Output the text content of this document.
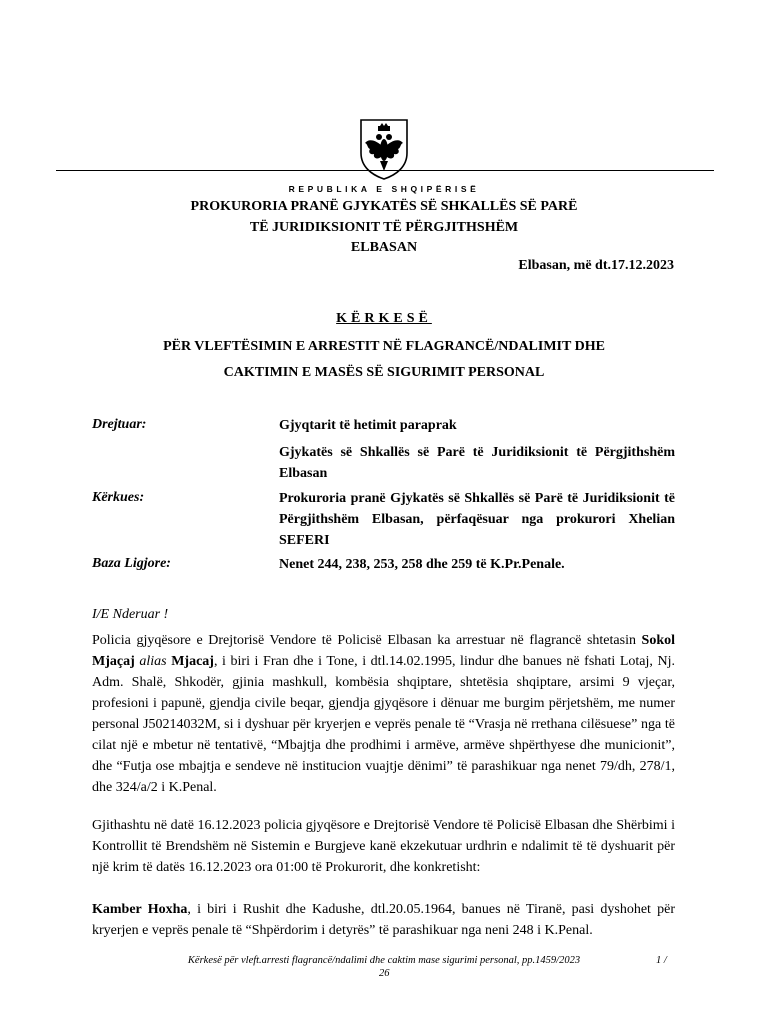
REPUBLIKA E SHQIPËRISË
PROKURORIA PRANË GJYKATËS SË SHKALLËS SË PARË
TË JURIDIKSIONIT TË PËRGJITHSHËM
ELBASAN
Elbasan, më dt.17.12.2023
KËRKESË
PËR VLEFTËSIMIN E ARRESTIT NË FLAGRANCË/NDALIMIT DHE
CAKTIMIN E MASËS SË SIGURIMIT PERSONAL
Drejtuar:	Gjyqtarit të hetimit paraprak
Gjykatës së Shkallës së Parë të Juridiksionit të Përgjithshëm Elbasan
Kërkues:	Prokuroria pranë Gjykatës së Shkallës së Parë të Juridiksionit të Përgjithshëm Elbasan, përfaqësuar nga prokurori Xhelian SEFERI
Baza Ligjore:	Nenet 244, 238, 253, 258 dhe 259 të K.Pr.Penale.
I/E Nderuar !
Policia gjyqësore e Drejtorisë Vendore të Policisë Elbasan ka arrestuar në flagrancë shtetasin Sokol Mjaçaj alias Mjacaj, i biri i Fran dhe i Tone, i dtl.14.02.1995, lindur dhe banues në fshati Lotaj, Nj. Adm. Shalë, Shkodër, gjinia mashkull, kombësia shqiptare, shtetësia shqiptare, arsimi 9 vjeçar, profesioni i papunë, gjendja civile beqar, gjendja gjyqësore i dënuar me burgim përjetshëm, me numer personal J50214032M, si i dyshuar për kryerjen e veprës penale të “Vrasja në rrethana cilësuese” nga të cilat një e mbetur në tentativë, “Mbajtja dhe prodhimi i armëve, armëve shpërthyese dhe municionit”, dhe “Futja ose mbajtja e sendeve në institucion vuajtje dënimi” të parashikuar nga nenet 79/dh, 278/1, dhe 324/a/2 i K.Penal.
Gjithashtu në datë 16.12.2023 policia gjyqësore e Drejtorisë Vendore të Policisë Elbasan dhe Shërbimi i Kontrollit të Brendshëm në Sistemin e Burgjeve kanë ekzekutuar urdhrin e ndalimit të të dyshuarit për një krim të datës 16.12.2023 ora 01:00 të Prokurorit, dhe konkretisht:
Kamber Hoxha, i biri i Rushit dhe Kadushe, dtl.20.05.1964, banues në Tiranë, pasi dyshohet për kryerjen e veprës penale të “Shpërdorim i detyrës” të parashikuar nga neni 248 i K.Penal.
Kërkesë për vleft.arresti flagrancë/ndalimi dhe caktim mase sigurimi personal, pp.1459/2023	1 /
26
